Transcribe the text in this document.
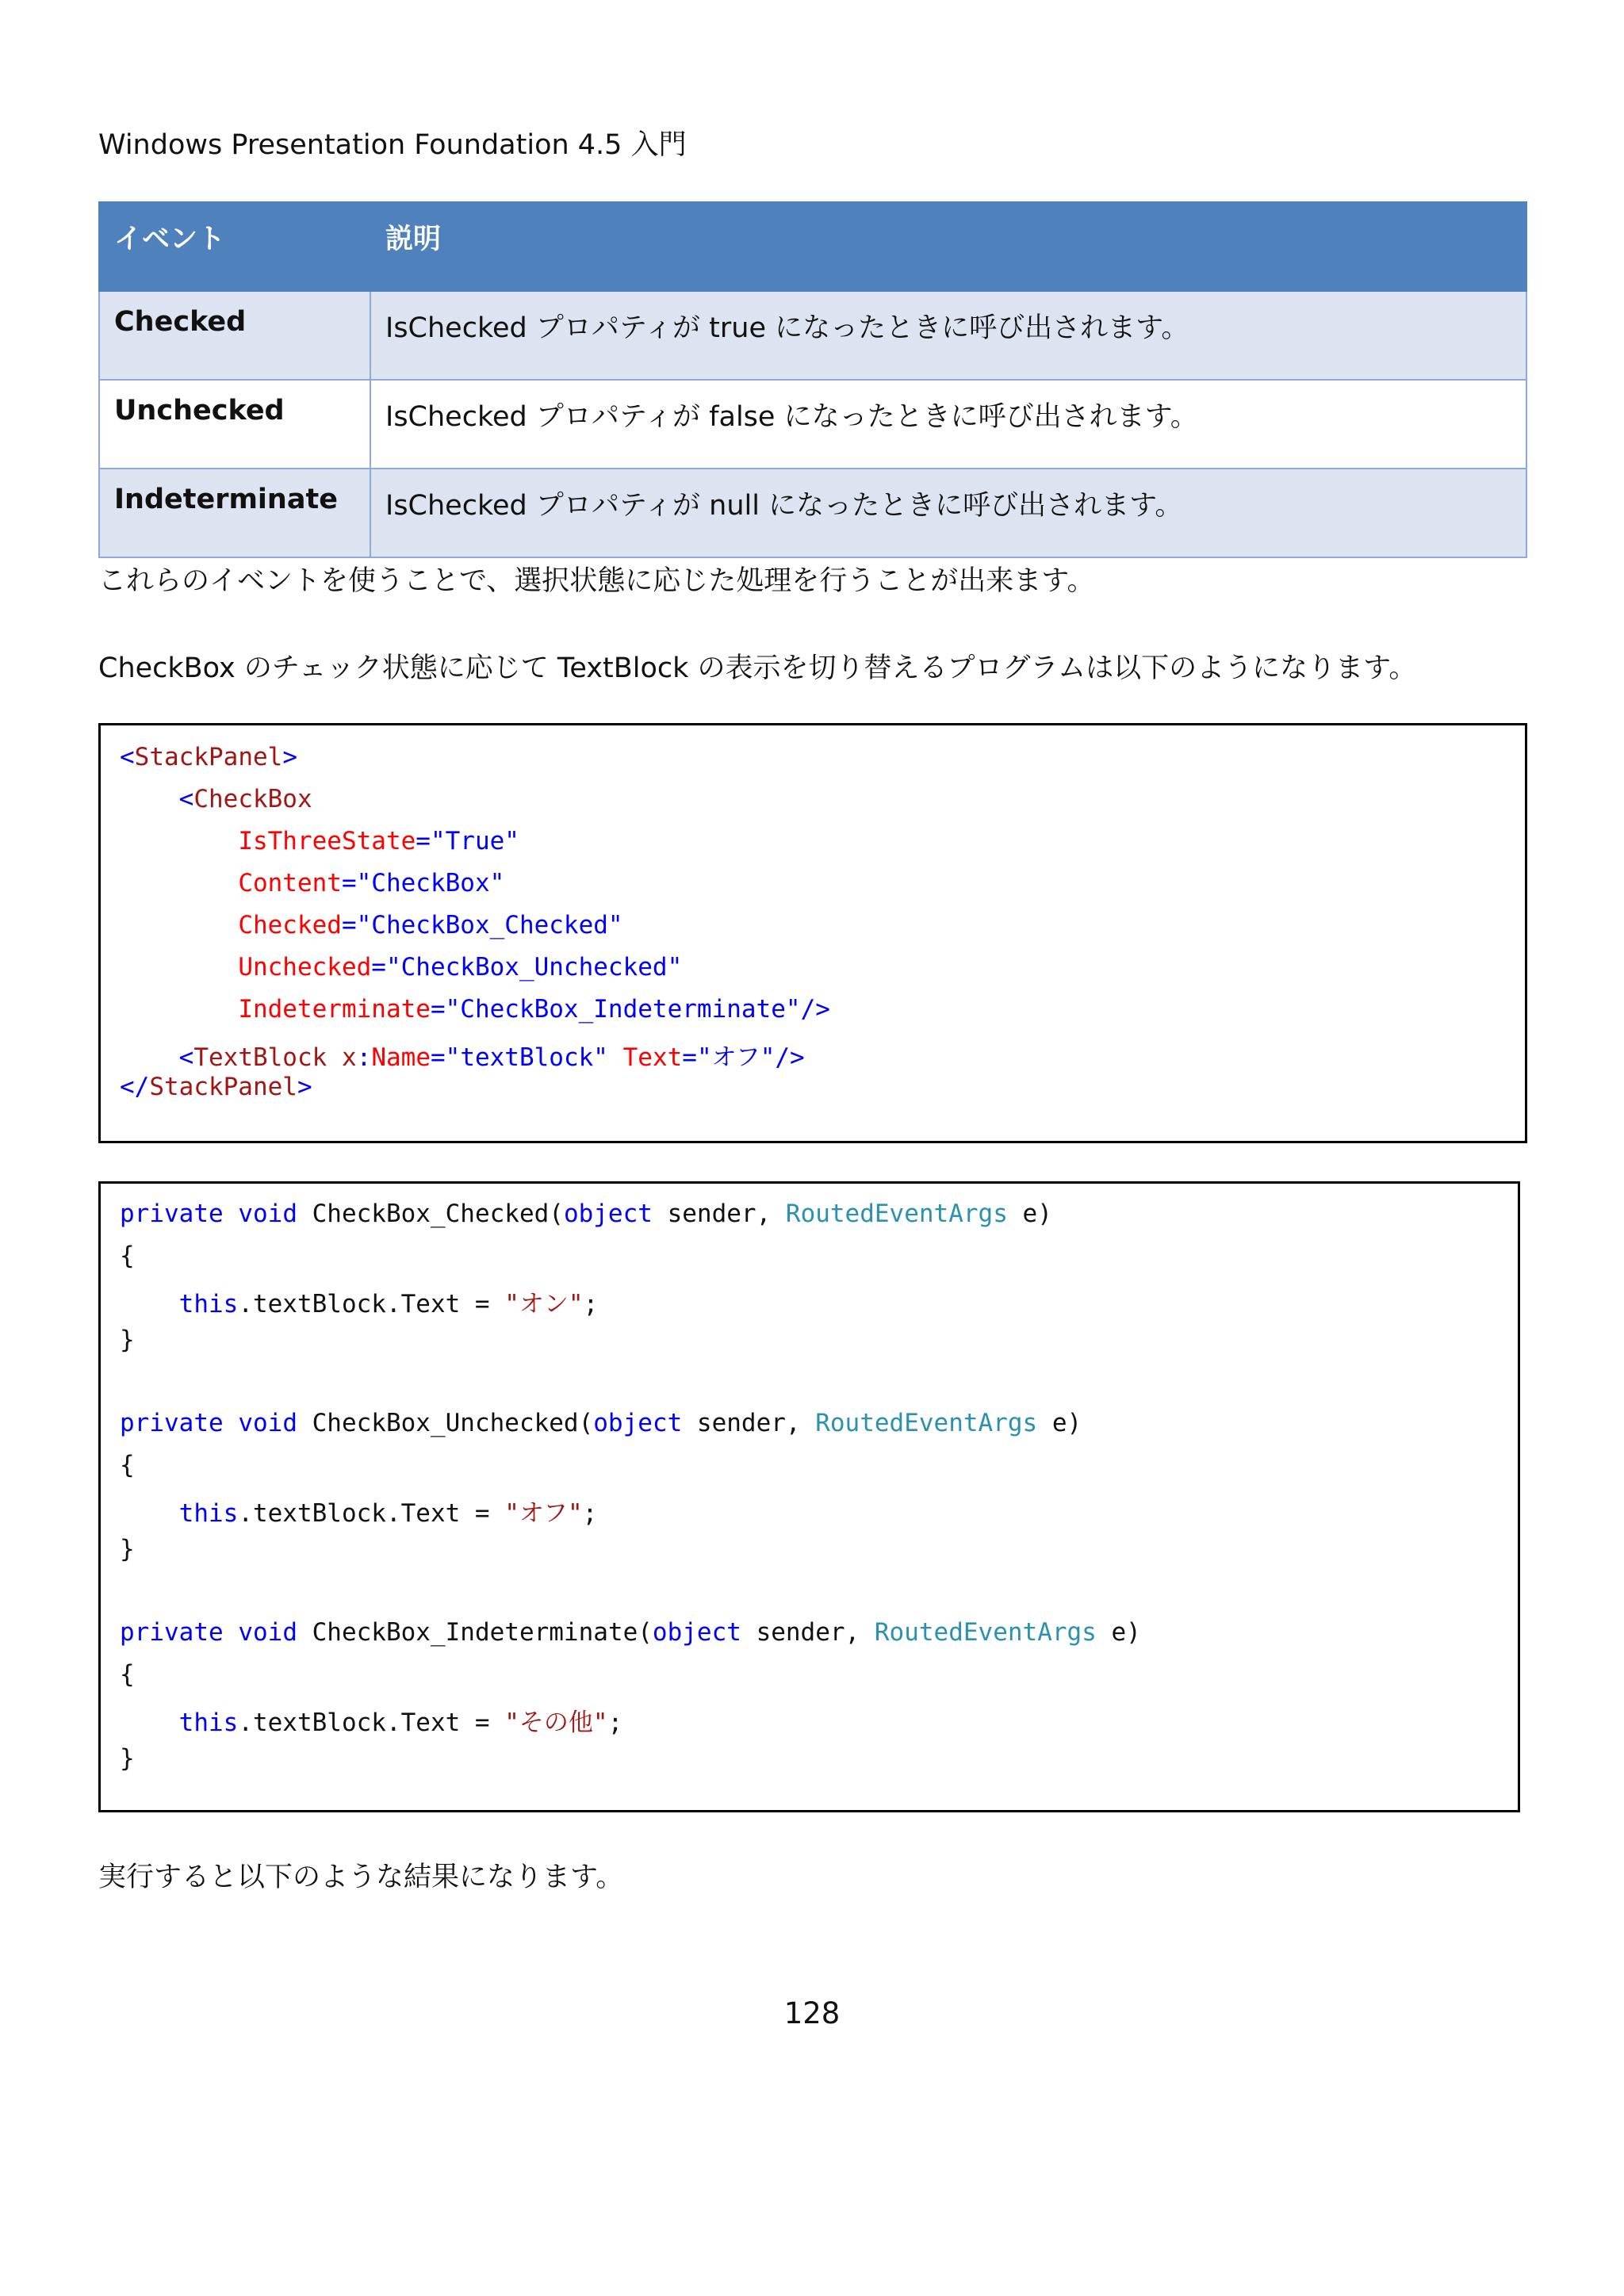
Windows Presentation Foundation 4.5 入門
イベント	説明
Checked	IsChecked プロパティが true になったときに呼び出されます。
Unchecked	IsChecked プロパティが false になったときに呼び出されます。
Indeterminate	IsChecked プロパティが null になったときに呼び出されます。
これらのイベントを使うことで、選択状態に応じた処理を行うことが出来ます。
CheckBox のチェック状態に応じて TextBlock の表示を切り替えるプログラムは以下のようになります。
<StackPanel>
<CheckBox
IsThreeState="True"
Content="CheckBox"
Checked="CheckBox_Checked"
Unchecked="CheckBox_Unchecked"
Indeterminate="CheckBox_Indeterminate"/>
<TextBlock x:Name="textBlock" Text="オフ"/>
</StackPanel>
private void CheckBox_Checked(object sender, RoutedEventArgs e)
{
this.textBlock.Text = "オン";
}
private void CheckBox_Unchecked(object sender, RoutedEventArgs e)
{
this.textBlock.Text = "オフ";
}
private void CheckBox_Indeterminate(object sender, RoutedEventArgs e)
{
this.textBlock.Text = "その他";
}
実行すると以下のような結果になります。
128
